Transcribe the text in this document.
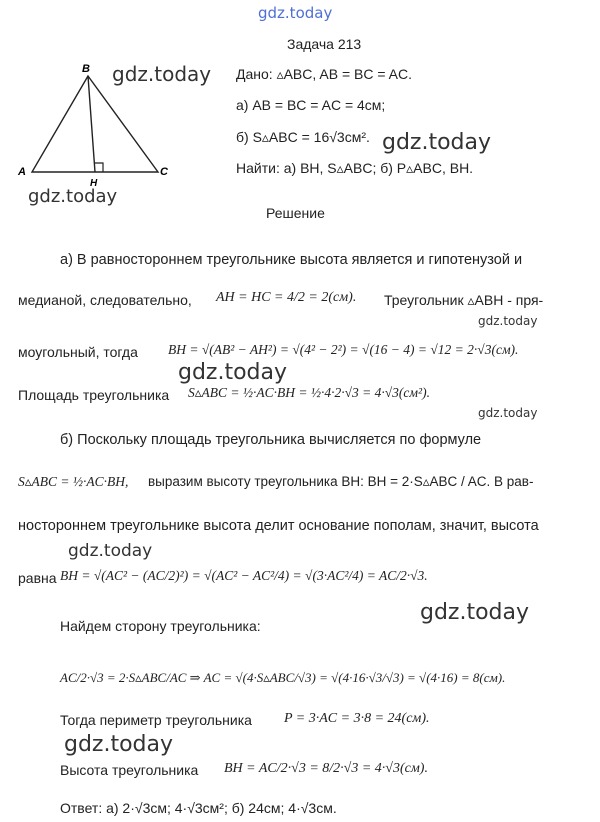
gdz.today
gdz.today
gdz.today
gdz.today
gdz.today
gdz.today
gdz.today
gdz.today
gdz.today
gdz.today
B
A	C
H
Задача 213
Дано: ▵ABC, AB = BC = AC.
а) AB = BC = AC = 4см;
б) S▵ABC = 16√3см².
Найти: а) BH, S▵ABC; б) P▵ABC, BH.
Решение
а) В равностороннем треугольнике высота является и гипотенузой и
медианой, следовательно, AH = HC = 4/2 = 2(см). Треугольник ▵ABH - пря-
моугольный, тогда BH = √(AB² − AH²) = √(4² − 2²) = √(16 − 4) = √12 = 2·√3(см).
Площадь треугольника S▵ABC = ½·AC·BH = ½·4·2·√3 = 4·√3(см²).
б) Поскольку площадь треугольника вычисляется по формуле
S▵ABC = ½·AC·BH, выразим высоту треугольника BH: BH = 2·S▵ABC / AC. В рав-
ностороннем треугольнике высота делит основание пополам, значит, высота
равна BH = √(AC² − (AC/2)²) = √(AC² − AC²/4) = √(3·AC²/4) = AC/2·√3.
Найдем сторону треугольника:
AC/2·√3 = 2·S▵ABC/AC ⇒ AC = √(4·S▵ABC/√3) = √(4·16·√3/√3) = √(4·16) = 8(см).
Тогда периметр треугольника P = 3·AC = 3·8 = 24(см).
Высота треугольника BH = AC/2·√3 = 8/2·√3 = 4·√3(см).
Ответ: а) 2·√3см; 4·√3см²; б) 24см; 4·√3см.
